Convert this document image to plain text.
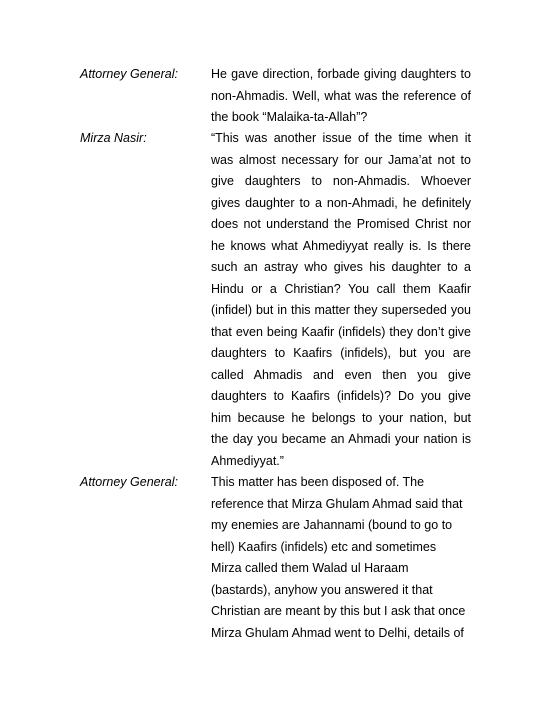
Attorney General:	He gave direction, forbade giving daughters to
non-Ahmadis. Well, what was the reference of
the book “Malaika-ta-Allah”?
Mirza Nasir:	“This was another issue of the time when it
was almost necessary for our Jama’at not to
give daughters to non-Ahmadis. Whoever
gives daughter to a non-Ahmadi, he definitely
does not understand the Promised Christ nor
he knows what Ahmediyyat really is. Is there
such an astray who gives his daughter to a
Hindu or a Christian? You call them Kaafir
(infidel) but in this matter they superseded you
that even being Kaafir (infidels) they don’t give
daughters to Kaafirs (infidels), but you are
called Ahmadis and even then you give
daughters to Kaafirs (infidels)? Do you give
him because he belongs to your nation, but
the day you became an Ahmadi your nation is
Ahmediyyat.”
Attorney General:	This matter has been disposed of. The
reference that Mirza Ghulam Ahmad said that
my enemies are Jahannami (bound to go to
hell) Kaafirs (infidels) etc and sometimes
Mirza called them Walad ul Haraam
(bastards), anyhow you answered it that
Christian are meant by this but I ask that once
Mirza Ghulam Ahmad went to Delhi, details of
